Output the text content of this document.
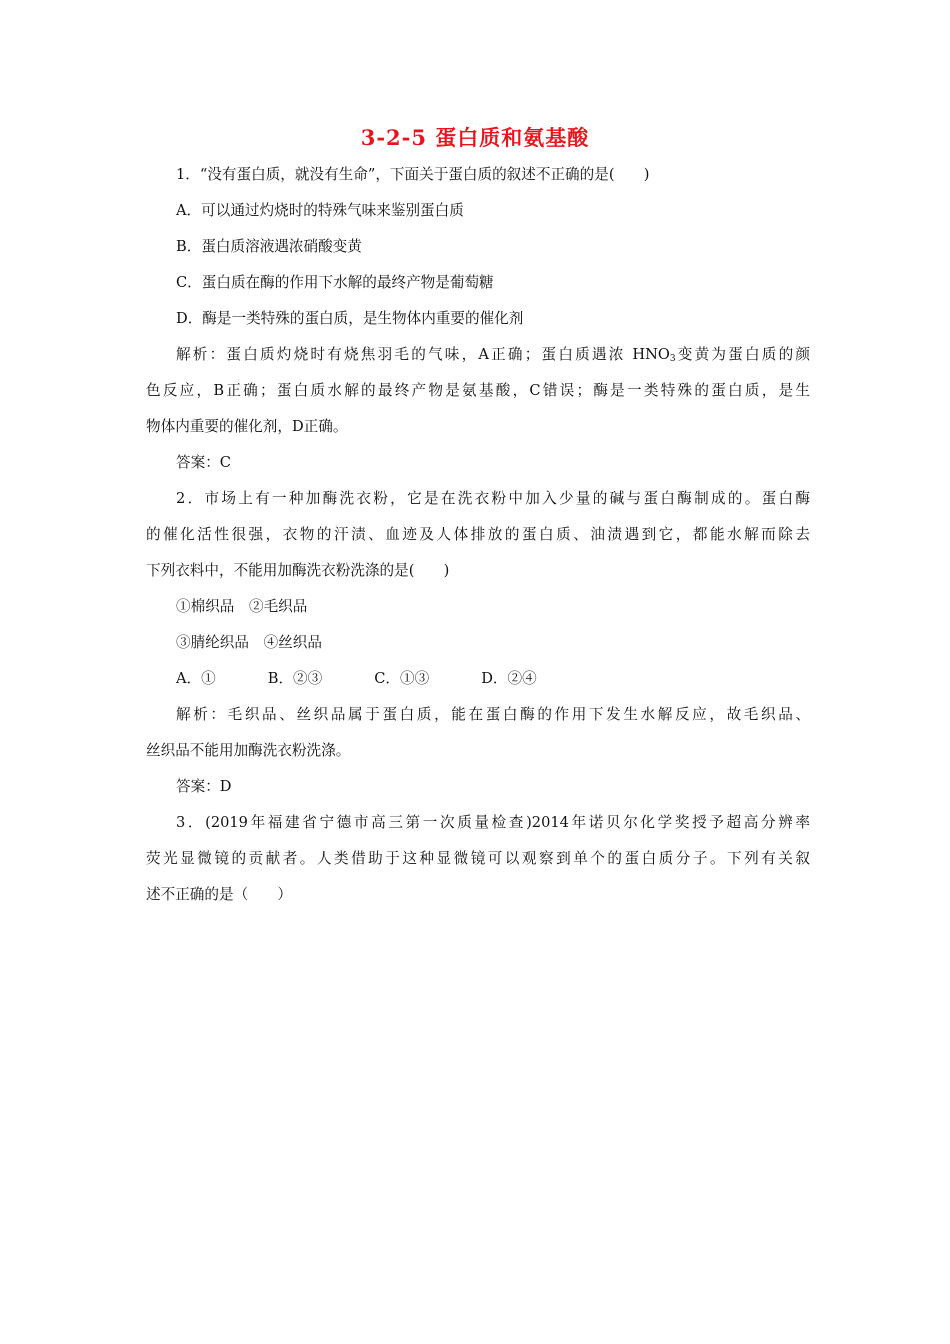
3-2-5 蛋白质和氨基酸
1．“没有蛋白质，就没有生命”，下面关于蛋白质的叙述不正确的是(　　)
A．可以通过灼烧时的特殊气味来鉴别蛋白质
B．蛋白质溶液遇浓硝酸变黄
C．蛋白质在酶的作用下水解的最终产物是葡萄糖
D．酶是一类特殊的蛋白质，是生物体内重要的催化剂
解析：蛋白质灼烧时有烧焦羽毛的气味，A正确；蛋白质遇浓 $HNO_3$变黄为蛋白质的颜
色反应，B正确；蛋白质水解的最终产物是氨基酸，C错误；酶是一类特殊的蛋白质，是生
物体内重要的催化剂，D正确。
答案：C
2．市场上有一种加酶洗衣粉，它是在洗衣粉中加入少量的碱与蛋白酶制成的。蛋白酶
的催化活性很强，衣物的汗渍、血迹及人体排放的蛋白质、油渍遇到它，都能水解而除去
下列衣料中，不能用加酶洗衣粉洗涤的是(　　)
①棉织品　②毛织品
③腈纶织品　④丝织品
A．①	B．②③	C．①③	D．②④
解析：毛织品、丝织品属于蛋白质，能在蛋白酶的作用下发生水解反应，故毛织品、
丝织品不能用加酶洗衣粉洗涤。
答案：D
3．(2019年福建省宁德市高三第一次质量检查)2014年诺贝尔化学奖授予超高分辨率
荧光显微镜的贡献者。人类借助于这种显微镜可以观察到单个的蛋白质分子。下列有关叙
述不正确的是（　　）
